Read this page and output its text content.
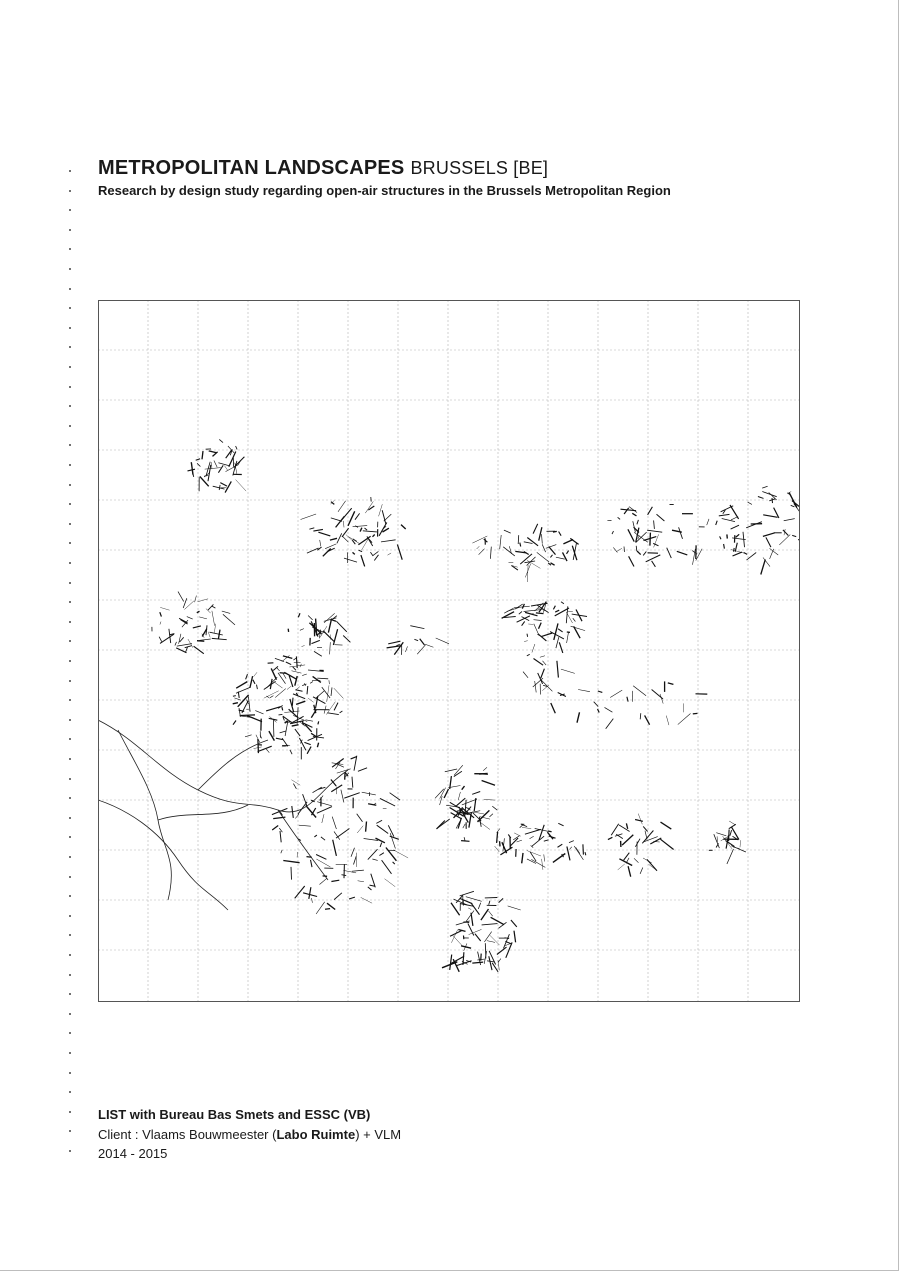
METROPOLITAN LANDSCAPES BRUSSELS [BE]
Research by design study regarding open-air structures in the Brussels Metropolitan Region
LIST with Bureau Bas Smets and ESSC (VB)
Client : Vlaams Bouwmeester (Labo Ruimte) + VLM
2014 - 2015
